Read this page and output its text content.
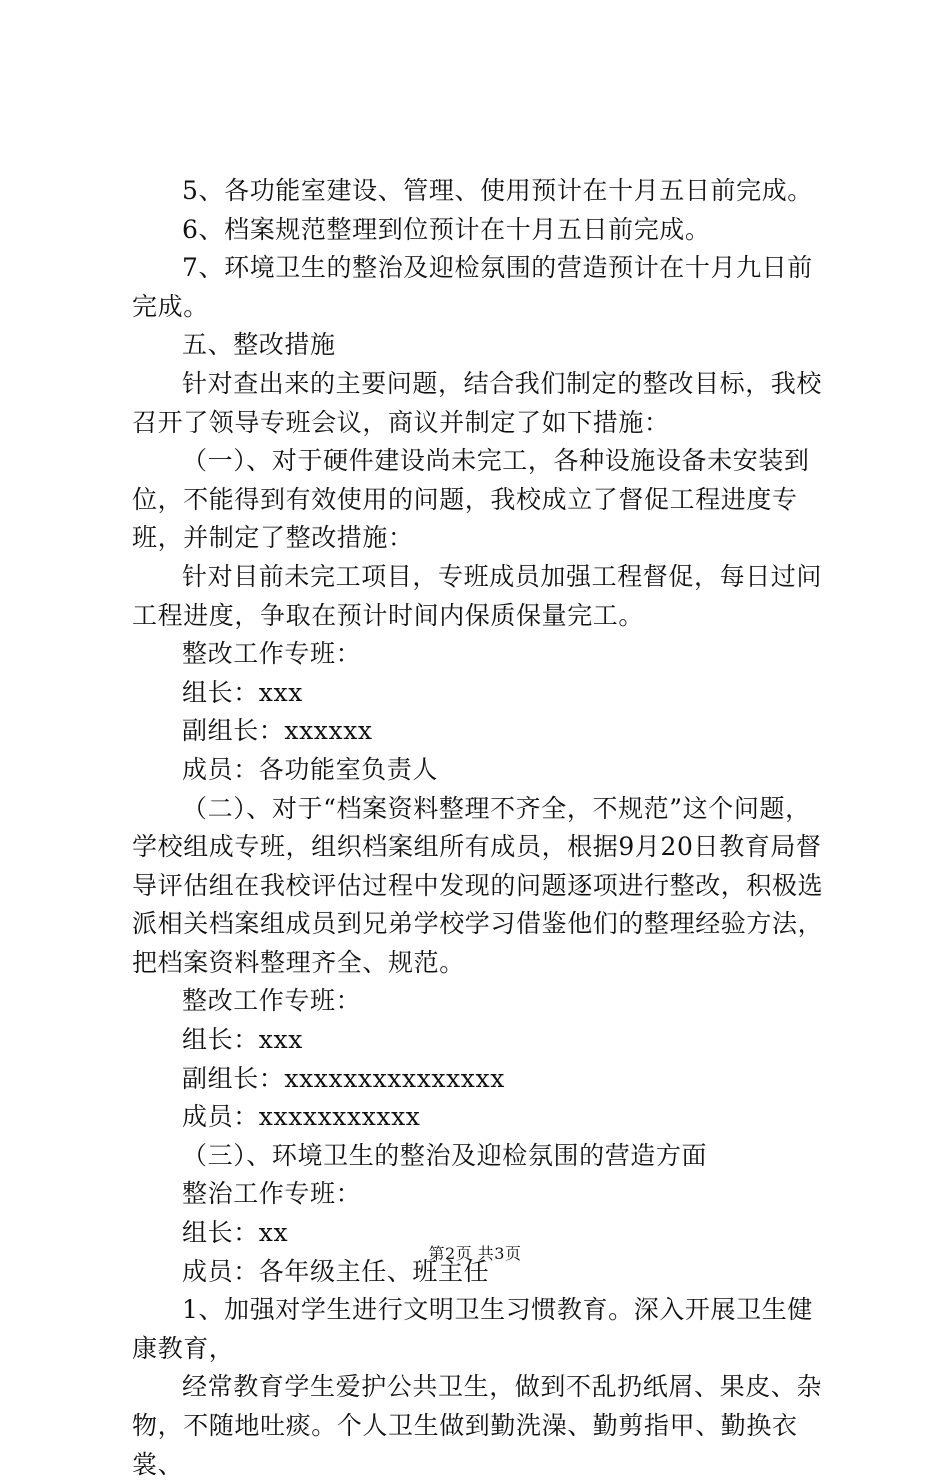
5、各功能室建设、管理、使用预计在十月五日前完成。

6、档案规范整理到位预计在十月五日前完成。

7、环境卫生的整治及迎检氛围的营造预计在十月九日前完成。

五、整改措施

针对查出来的主要问题，结合我们制定的整改目标，我校召开了领导专班会议，商议并制定了如下措施：

（一）、对于硬件建设尚未完工，各种设施设备未安装到位，不能得到有效使用的问题，我校成立了督促工程进度专班，并制定了整改措施：

针对目前未完工项目，专班成员加强工程督促，每日过问工程进度，争取在预计时间内保质保量完工。

整改工作专班：

组长：xxx

副组长：xxxxxx

成员：各功能室负责人

（二）、对于“档案资料整理不齐全，不规范”这个问题，学校组成专班，组织档案组所有成员，根据9月20日教育局督导评估组在我校评估过程中发现的问题逐项进行整改，积极选派相关档案组成员到兄弟学校学习借鉴他们的整理经验方法，把档案资料整理齐全、规范。

整改工作专班：

组长：xxx

副组长：xxxxxxxxxxxxxxx

成员：xxxxxxxxxxx

（三）、环境卫生的整治及迎检氛围的营造方面

整治工作专班：

组长：xx

成员：各年级主任、班主任

1、加强对学生进行文明卫生习惯教育。深入开展卫生健康教育，

经常教育学生爱护公共卫生，做到不乱扔纸屑、果皮、杂物，不随地吐痰。个人卫生做到勤洗澡、勤剪指甲、勤换衣裳、

第2页 共3页
